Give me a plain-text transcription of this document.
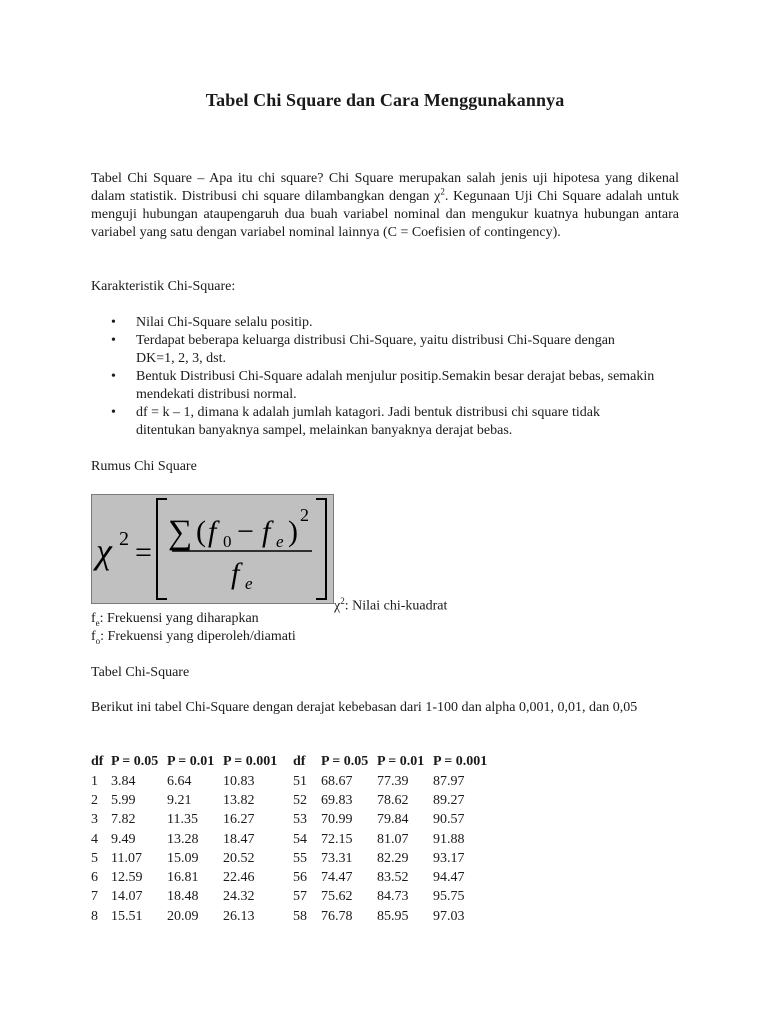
Tabel Chi Square dan Cara Menggunakannya

Tabel Chi Square – Apa itu chi square? Chi Square merupakan salah jenis uji hipotesa yang dikenal dalam statistik. Distribusi chi square dilambangkan dengan $\chi^2$. Kegunaan Uji Chi Square adalah untuk menguji hubungan ataupengaruh dua buah variabel nominal dan mengukur kuatnya hubungan antara variabel yang satu dengan variabel nominal lainnya (C = Coefisien of contingency).

Karakteristik Chi-Square:

• Nilai Chi-Square selalu positip.
• Terdapat beberapa keluarga distribusi Chi-Square, yaitu distribusi Chi-Square dengan DK=1, 2, 3, dst.
• Bentuk Distribusi Chi-Square adalah menjulur positip.Semakin besar derajat bebas, semakin mendekati distribusi normal.
• df = k – 1, dimana k adalah jumlah katagori. Jadi bentuk distribusi chi square tidak ditentukan banyaknya sampel, melainkan banyaknya derajat bebas.

Rumus Chi Square

χ 2 =
∑ ( f 0 − f e ) 2
f e
$\chi^2$: Nilai chi-kuadrat
$f_e$: Frekuensi yang diharapkan
$f_o$: Frekuensi yang diperoleh/diamati

Tabel Chi-Square

Berikut ini tabel Chi-Square dengan derajat kebebasan dari 1-100 dan alpha 0,001, 0,01, dan 0,05

df	P = 0.05	P = 0.01	P = 0.001	df	P = 0.05	P = 0.01	P = 0.001
1	3.84	6.64	10.83	51	68.67	77.39	87.97
2	5.99	9.21	13.82	52	69.83	78.62	89.27
3	7.82	11.35	16.27	53	70.99	79.84	90.57
4	9.49	13.28	18.47	54	72.15	81.07	91.88
5	11.07	15.09	20.52	55	73.31	82.29	93.17
6	12.59	16.81	22.46	56	74.47	83.52	94.47
7	14.07	18.48	24.32	57	75.62	84.73	95.75
8	15.51	20.09	26.13	58	76.78	85.95	97.03
